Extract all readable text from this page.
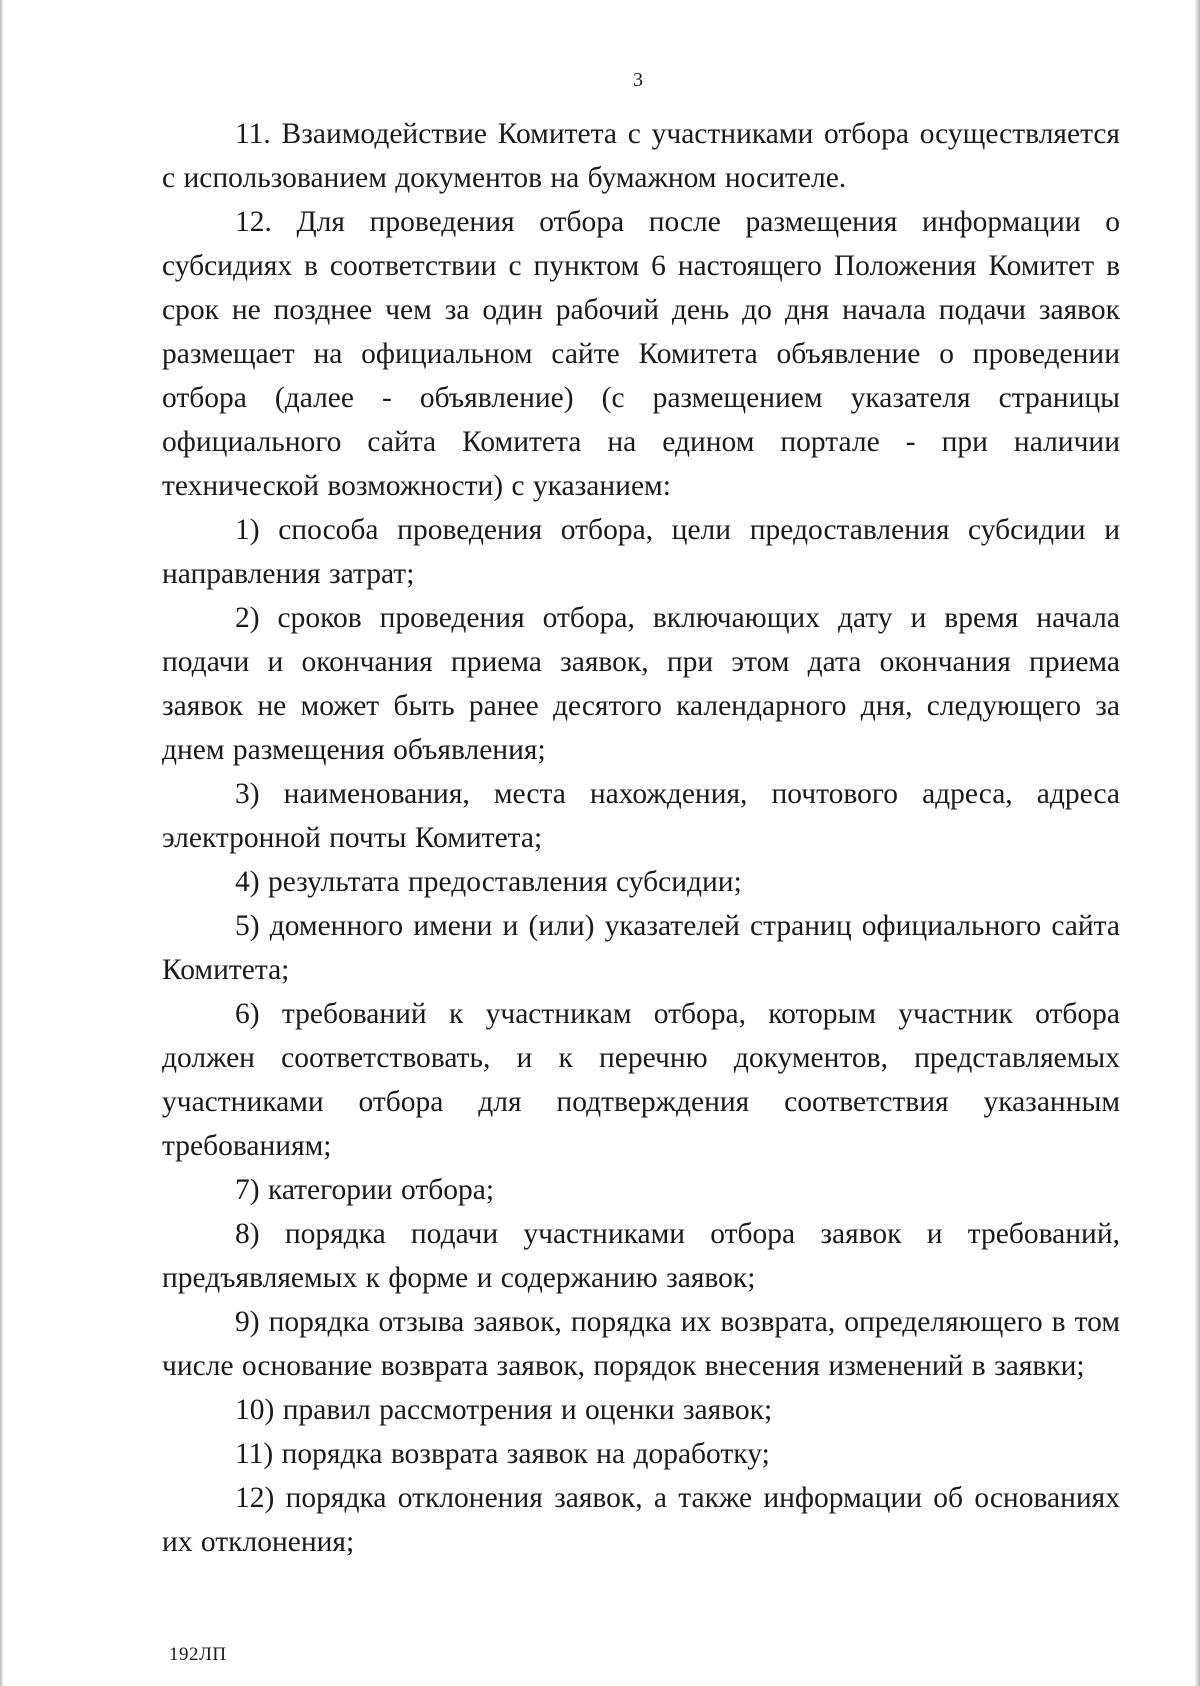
3

11. Взаимодействие Комитета с участниками отбора осуществляется с использованием документов на бумажном носителе.

12. Для проведения отбора после размещения информации о субсидиях в соответствии с пунктом 6 настоящего Положения Комитет в срок не позднее чем за один рабочий день до дня начала подачи заявок размещает на официальном сайте Комитета объявление о проведении отбора (далее - объявление) (с размещением указателя страницы официального сайта Комитета на едином портале - при наличии технической возможности) с указанием:

1) способа проведения отбора, цели предоставления субсидии и направления затрат;

2) сроков проведения отбора, включающих дату и время начала подачи и окончания приема заявок, при этом дата окончания приема заявок не может быть ранее десятого календарного дня, следующего за днем размещения объявления;

3) наименования, места нахождения, почтового адреса, адреса электронной почты Комитета;

4) результата предоставления субсидии;

5) доменного имени и (или) указателей страниц официального сайта Комитета;

6) требований к участникам отбора, которым участник отбора должен соответствовать, и к перечню документов, представляемых участниками отбора для подтверждения соответствия указанным требованиям;

7) категории отбора;

8) порядка подачи участниками отбора заявок и требований, предъявляемых к форме и содержанию заявок;

9) порядка отзыва заявок, порядка их возврата, определяющего в том числе основание возврата заявок, порядок внесения изменений в заявки;

10) правил рассмотрения и оценки заявок;

11) порядка возврата заявок на доработку;

12) порядка отклонения заявок, а также информации об основаниях их отклонения;

192ЛП
